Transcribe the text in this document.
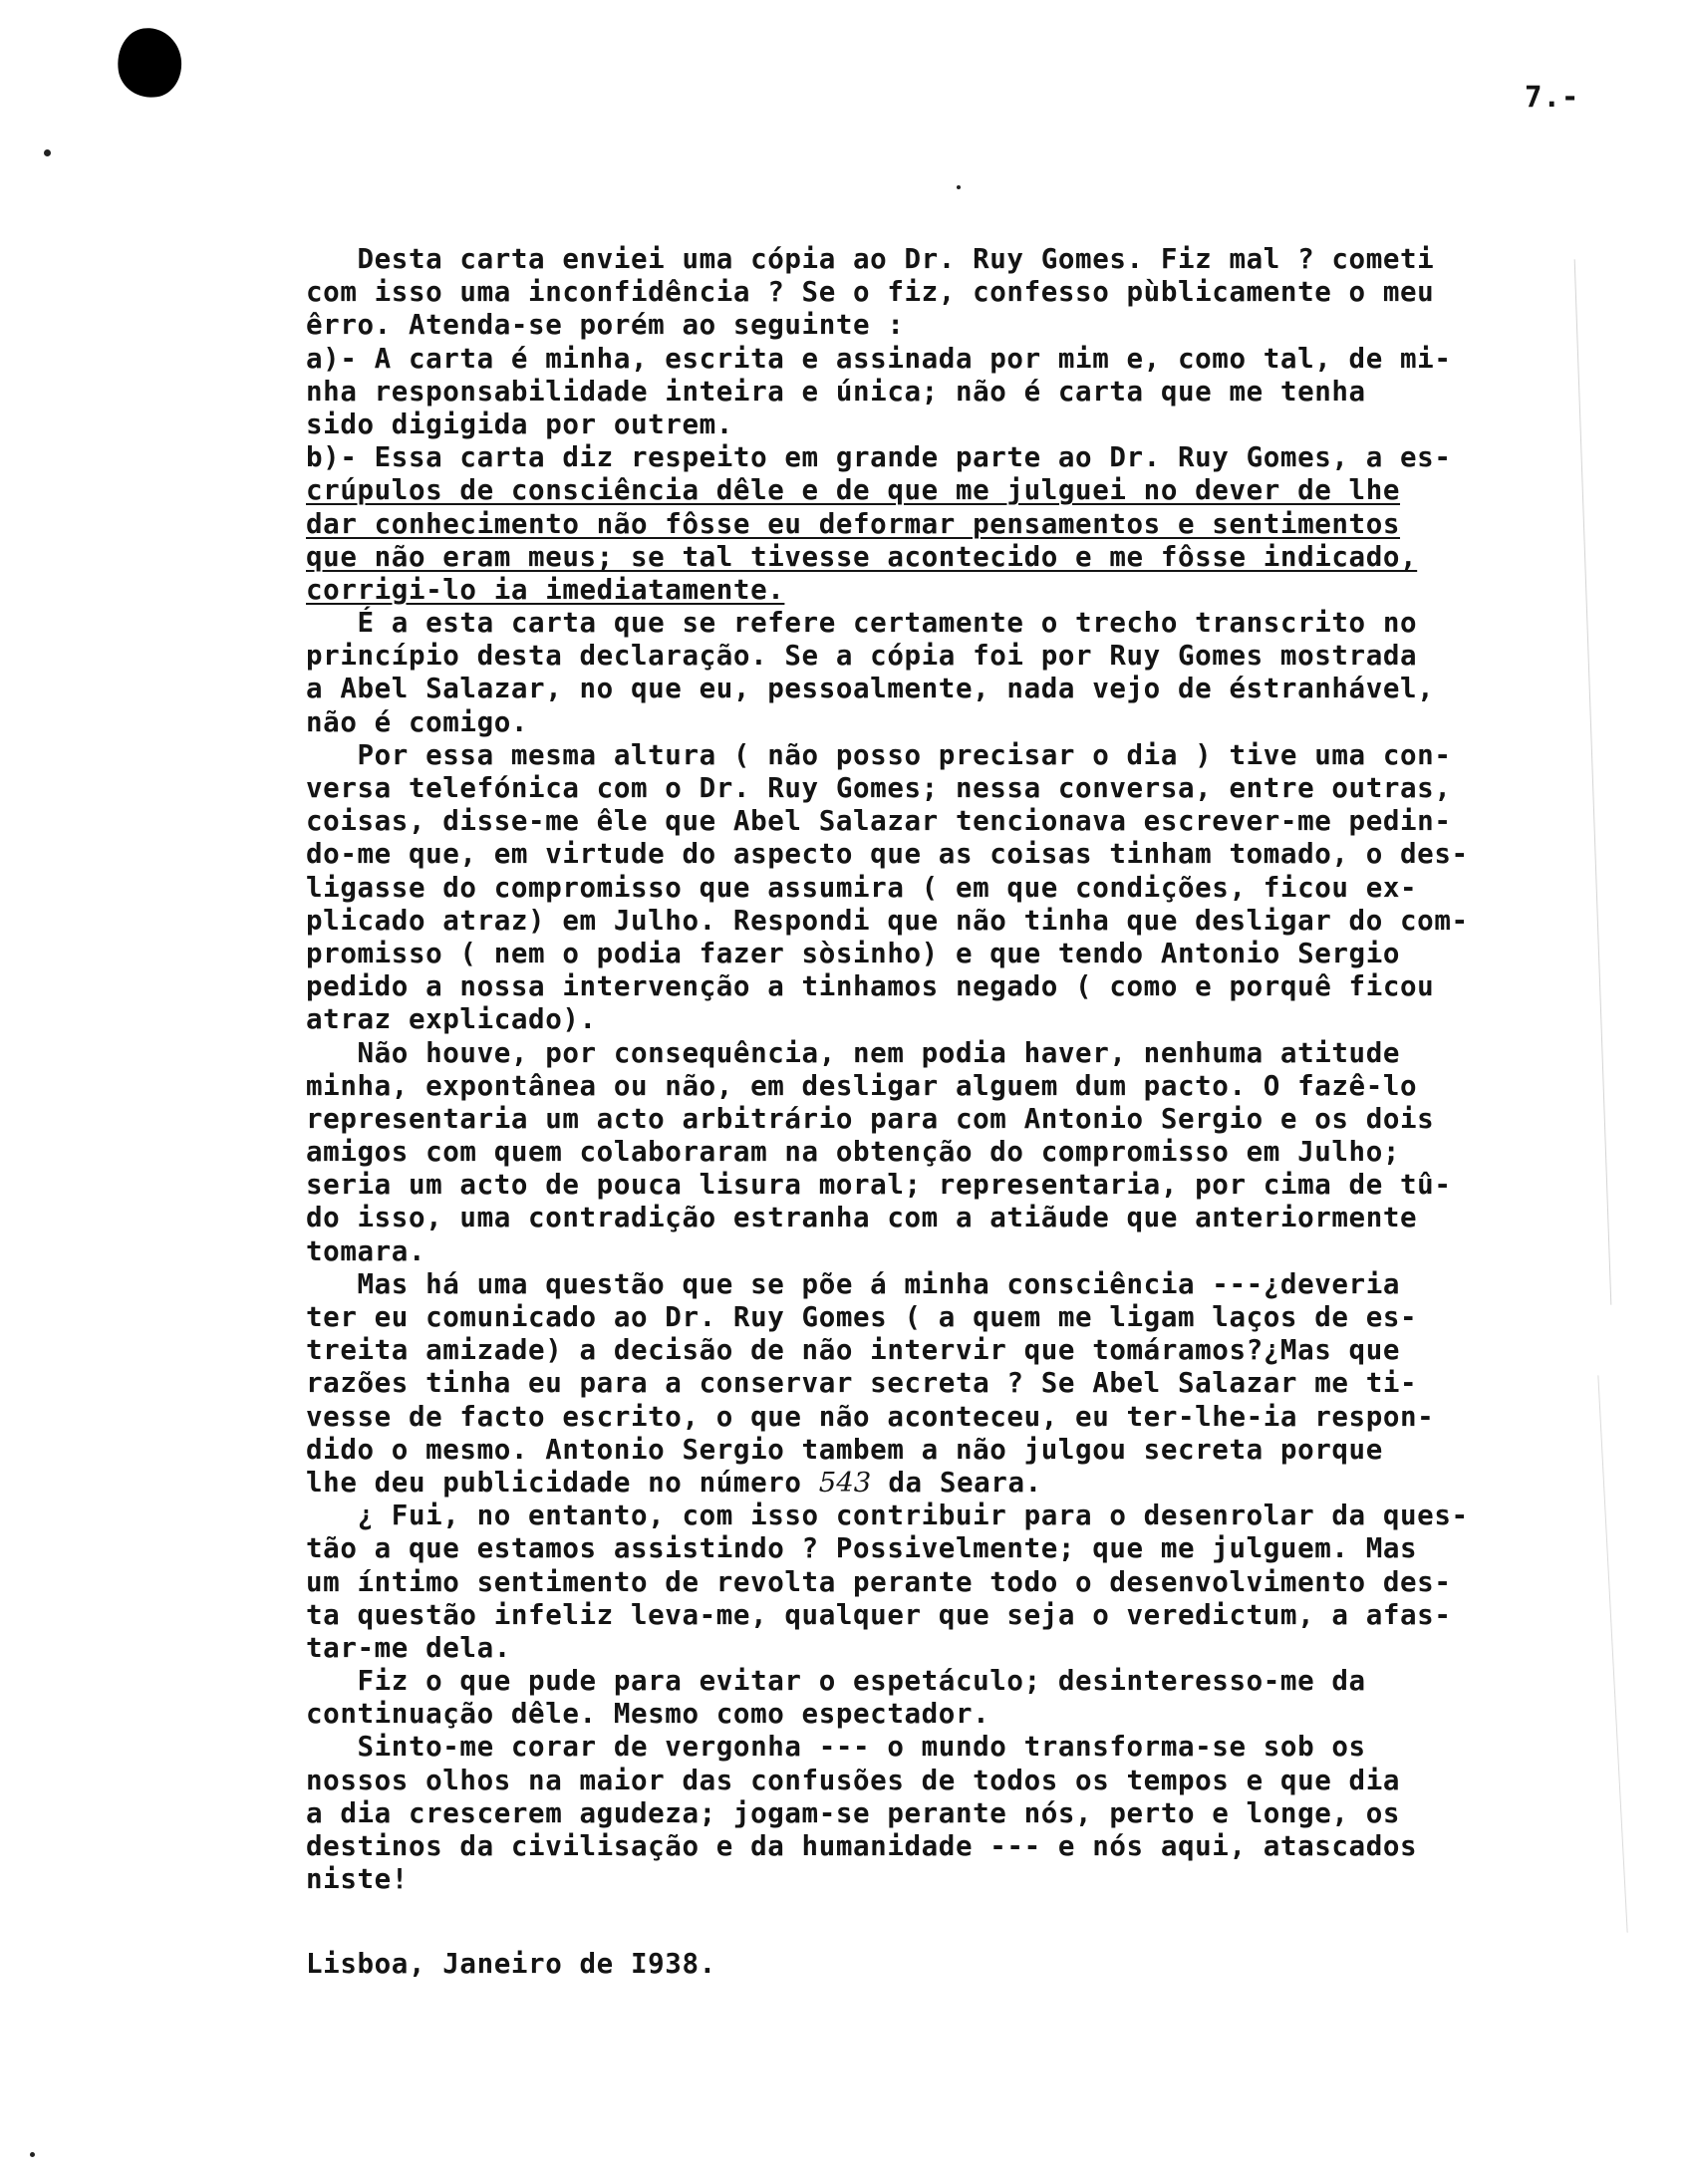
7.-
Desta carta enviei uma cópia ao Dr. Ruy Gomes. Fiz mal ? cometi
com isso uma inconfidência ? Se o fiz, confesso pùblicamente o meu
êrro. Atenda-se porém ao seguinte :
a)- A carta é minha, escrita e assinada por mim e, como tal, de mi-
nha responsabilidade inteira e única; não é carta que me tenha
sido digigida por outrem.
b)- Essa carta diz respeito em grande parte ao Dr. Ruy Gomes, a es-
crúpulos de consciência dêle e de que me julguei no dever de lhe
dar conhecimento não fôsse eu deformar pensamentos e sentimentos
que não eram meus; se tal tivesse acontecido e me fôsse indicado,
corrigi-lo ia imediatamente.
É a esta carta que se refere certamente o trecho transcrito no
princípio desta declaração. Se a cópia foi por Ruy Gomes mostrada
a Abel Salazar, no que eu, pessoalmente, nada vejo de éstranhável,
não é comigo.
Por essa mesma altura ( não posso precisar o dia ) tive uma con-
versa telefónica com o Dr. Ruy Gomes; nessa conversa, entre outras,
coisas, disse-me êle que Abel Salazar tencionava escrever-me pedin-
do-me que, em virtude do aspecto que as coisas tinham tomado, o des-
ligasse do compromisso que assumira ( em que condições, ficou ex-
plicado atraz) em Julho. Respondi que não tinha que desligar do com-
promisso ( nem o podia fazer sòsinho) e que tendo Antonio Sergio
pedido a nossa intervenção a tinhamos negado ( como e porquê ficou
atraz explicado).
Não houve, por consequência, nem podia haver, nenhuma atitude
minha, expontânea ou não, em desligar alguem dum pacto. O fazê-lo
representaria um acto arbitrário para com Antonio Sergio e os dois
amigos com quem colaboraram na obtenção do compromisso em Julho;
seria um acto de pouca lisura moral; representaria, por cima de tû-
do isso, uma contradição estranha com a atiãude que anteriormente
tomara.
Mas há uma questão que se põe á minha consciência ---¿deveria
ter eu comunicado ao Dr. Ruy Gomes ( a quem me ligam laços de es-
treita amizade) a decisão de não intervir que tomáramos?¿Mas que
razões tinha eu para a conservar secreta ? Se Abel Salazar me ti-
vesse de facto escrito, o que não aconteceu, eu ter-lhe-ia respon-
dido o mesmo. Antonio Sergio tambem a não julgou secreta porque
lhe deu publicidade no número 543 da Seara.
¿ Fui, no entanto, com isso contribuir para o desenrolar da ques-
tão a que estamos assistindo ? Possivelmente; que me julguem. Mas
um íntimo sentimento de revolta perante todo o desenvolvimento des-
ta questão infeliz leva-me, qualquer que seja o veredictum, a afas-
tar-me dela.
Fiz o que pude para evitar o espetáculo; desinteresso-me da
continuação dêle. Mesmo como espectador.
Sinto-me corar de vergonha --- o mundo transforma-se sob os
nossos olhos na maior das confusões de todos os tempos e que dia
a dia crescerem agudeza; jogam-se perante nós, perto e longe, os
destinos da civilisação e da humanidade --- e nós aqui, atascados
niste!
Lisboa, Janeiro de I938.
